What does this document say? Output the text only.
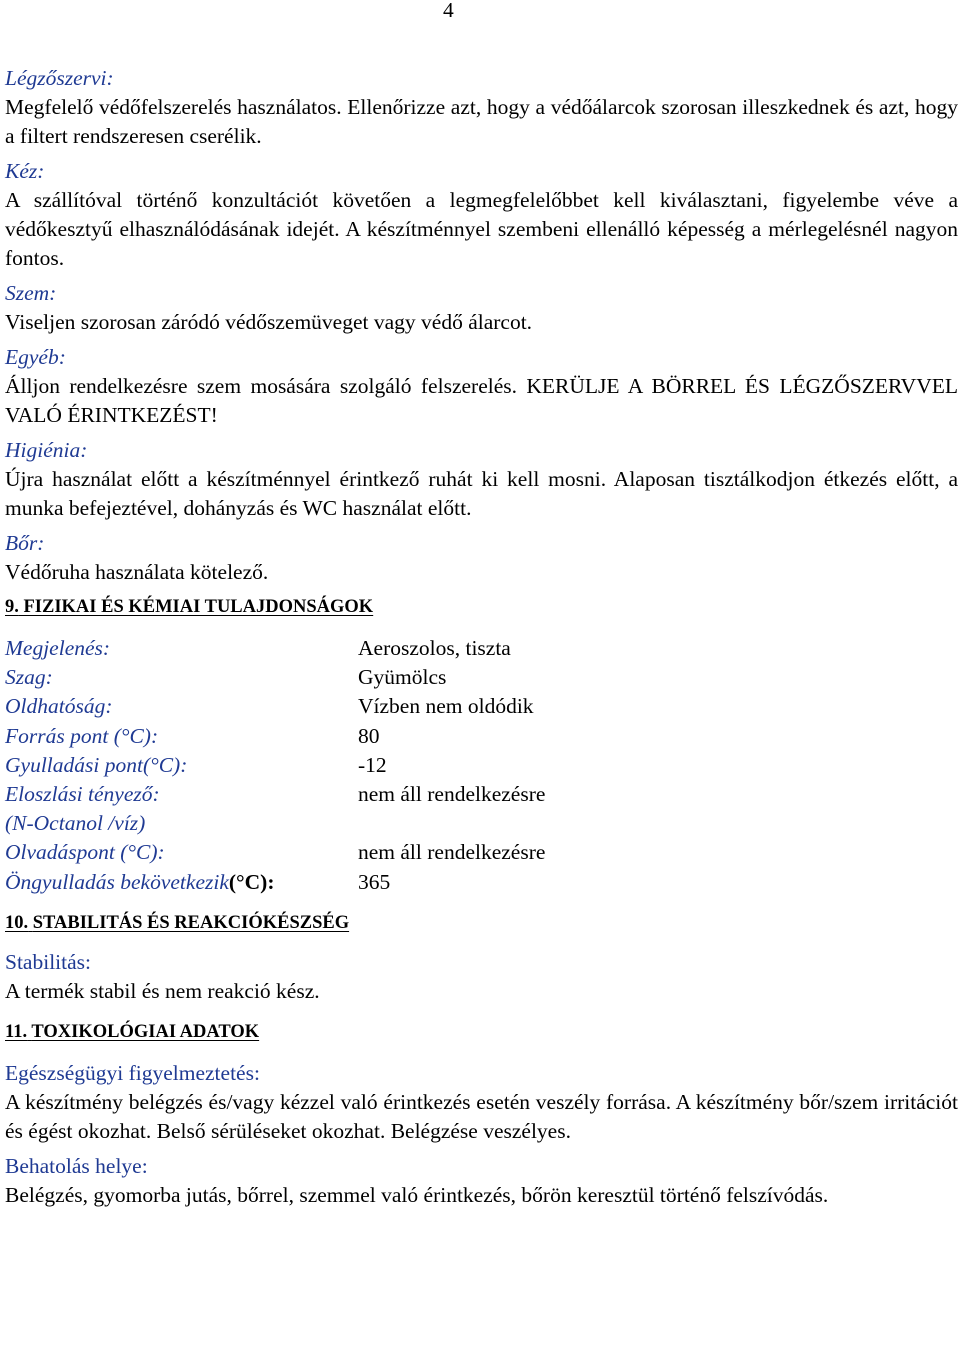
4
Légzőszervi:
Megfelelő védőfelszerelés használatos. Ellenőrizze azt, hogy a védőálarcok szorosan illeszkednek és azt, hogy a filtert rendszeresen cserélik.
Kéz:
A szállítóval történő konzultációt követően a legmegfelelőbbet kell kiválasztani, figyelembe véve a védőkesztyű elhasználódásának idejét. A készítménnyel szembeni ellenálló képesség a mérlegelésnél nagyon fontos.
Szem:
Viseljen szorosan záródó védőszemüveget vagy védő álarcot.
Egyéb:
Álljon rendelkezésre szem mosására szolgáló felszerelés. KERÜLJE A BÖRREL ÉS LÉGZŐSZERVVEL VALÓ ÉRINTKEZÉST!
Higiénia:
Újra használat előtt a készítménnyel érintkező ruhát ki kell mosni. Alaposan tisztálkodjon étkezés előtt, a munka befejeztével, dohányzás és WC használat előtt.
Bőr:
Védőruha használata kötelező.
9. FIZIKAI ÉS KÉMIAI TULAJDONSÁGOK
Megjelenés:	Aeroszolos, tiszta
Szag:	Gyümölcs
Oldhatóság:	Vízben nem oldódik
Forrás pont (°C):	80
Gyulladási pont(°C):	-12
Eloszlási tényező:	nem áll rendelkezésre
(N-Octanol /víz)
Olvadáspont (°C):	nem áll rendelkezésre
Öngyulladás bekövetkezik(°C):	365
10. STABILITÁS ÉS REAKCIÓKÉSZSÉG
Stabilitás:
A termék stabil és nem reakció kész.
11. TOXIKOLÓGIAI ADATOK
Egészségügyi figyelmeztetés:
A készítmény belégzés és/vagy kézzel való érintkezés esetén veszély forrása. A készítmény bőr/szem irritációt és égést okozhat. Belső sérüléseket okozhat. Belégzése veszélyes.
Behatolás helye:
Belégzés, gyomorba jutás, bőrrel, szemmel való érintkezés, bőrön keresztül történő felszívódás.
